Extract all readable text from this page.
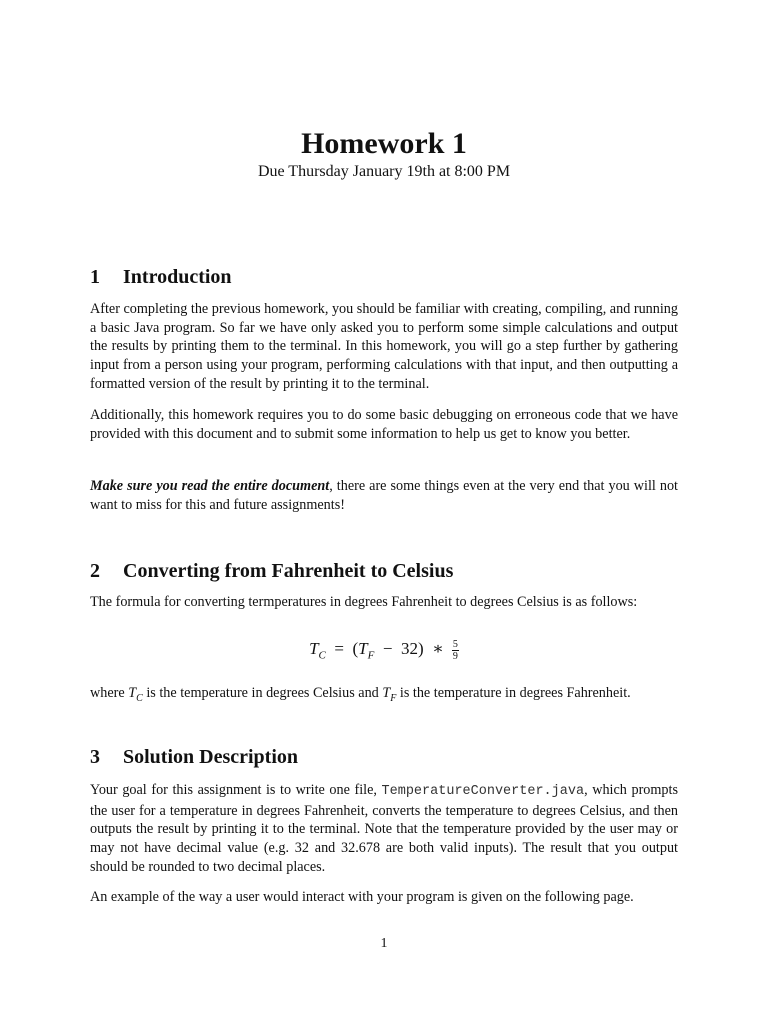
Homework 1
Due Thursday January 19th at 8:00 PM
1 Introduction
After completing the previous homework, you should be familiar with creating, compiling, and running a basic Java program. So far we have only asked you to perform some simple calculations and output the results by printing them to the terminal. In this homework, you will go a step further by gathering input from a person using your program, performing calculations with that input, and then outputting a formatted version of the result by printing it to the terminal.
Additionally, this homework requires you to do some basic debugging on erroneous code that we have provided with this document and to submit some information to help us get to know you better.
Make sure you read the entire document, there are some things even at the very end that you will not want to miss for this and future assignments!
2 Converting from Fahrenheit to Celsius
The formula for converting termperatures in degrees Fahrenheit to degrees Celsius is as follows:
$T_C = (T_F - 32)$ ∗ $\frac{5}{9}$
where $T_C$ is the temperature in degrees Celsius and $T_F$ is the temperature in degrees Fahrenheit.
3 Solution Description
Your goal for this assignment is to write one file, TemperatureConverter.java, which prompts the user for a temperature in degrees Fahrenheit, converts the temperature to degrees Celsius, and then outputs the result by printing it to the terminal. Note that the temperature provided by the user may or may not have decimal value (e.g. 32 and 32.678 are both valid inputs). The result that you output should be rounded to two decimal places.
An example of the way a user would interact with your program is given on the following page.
1
